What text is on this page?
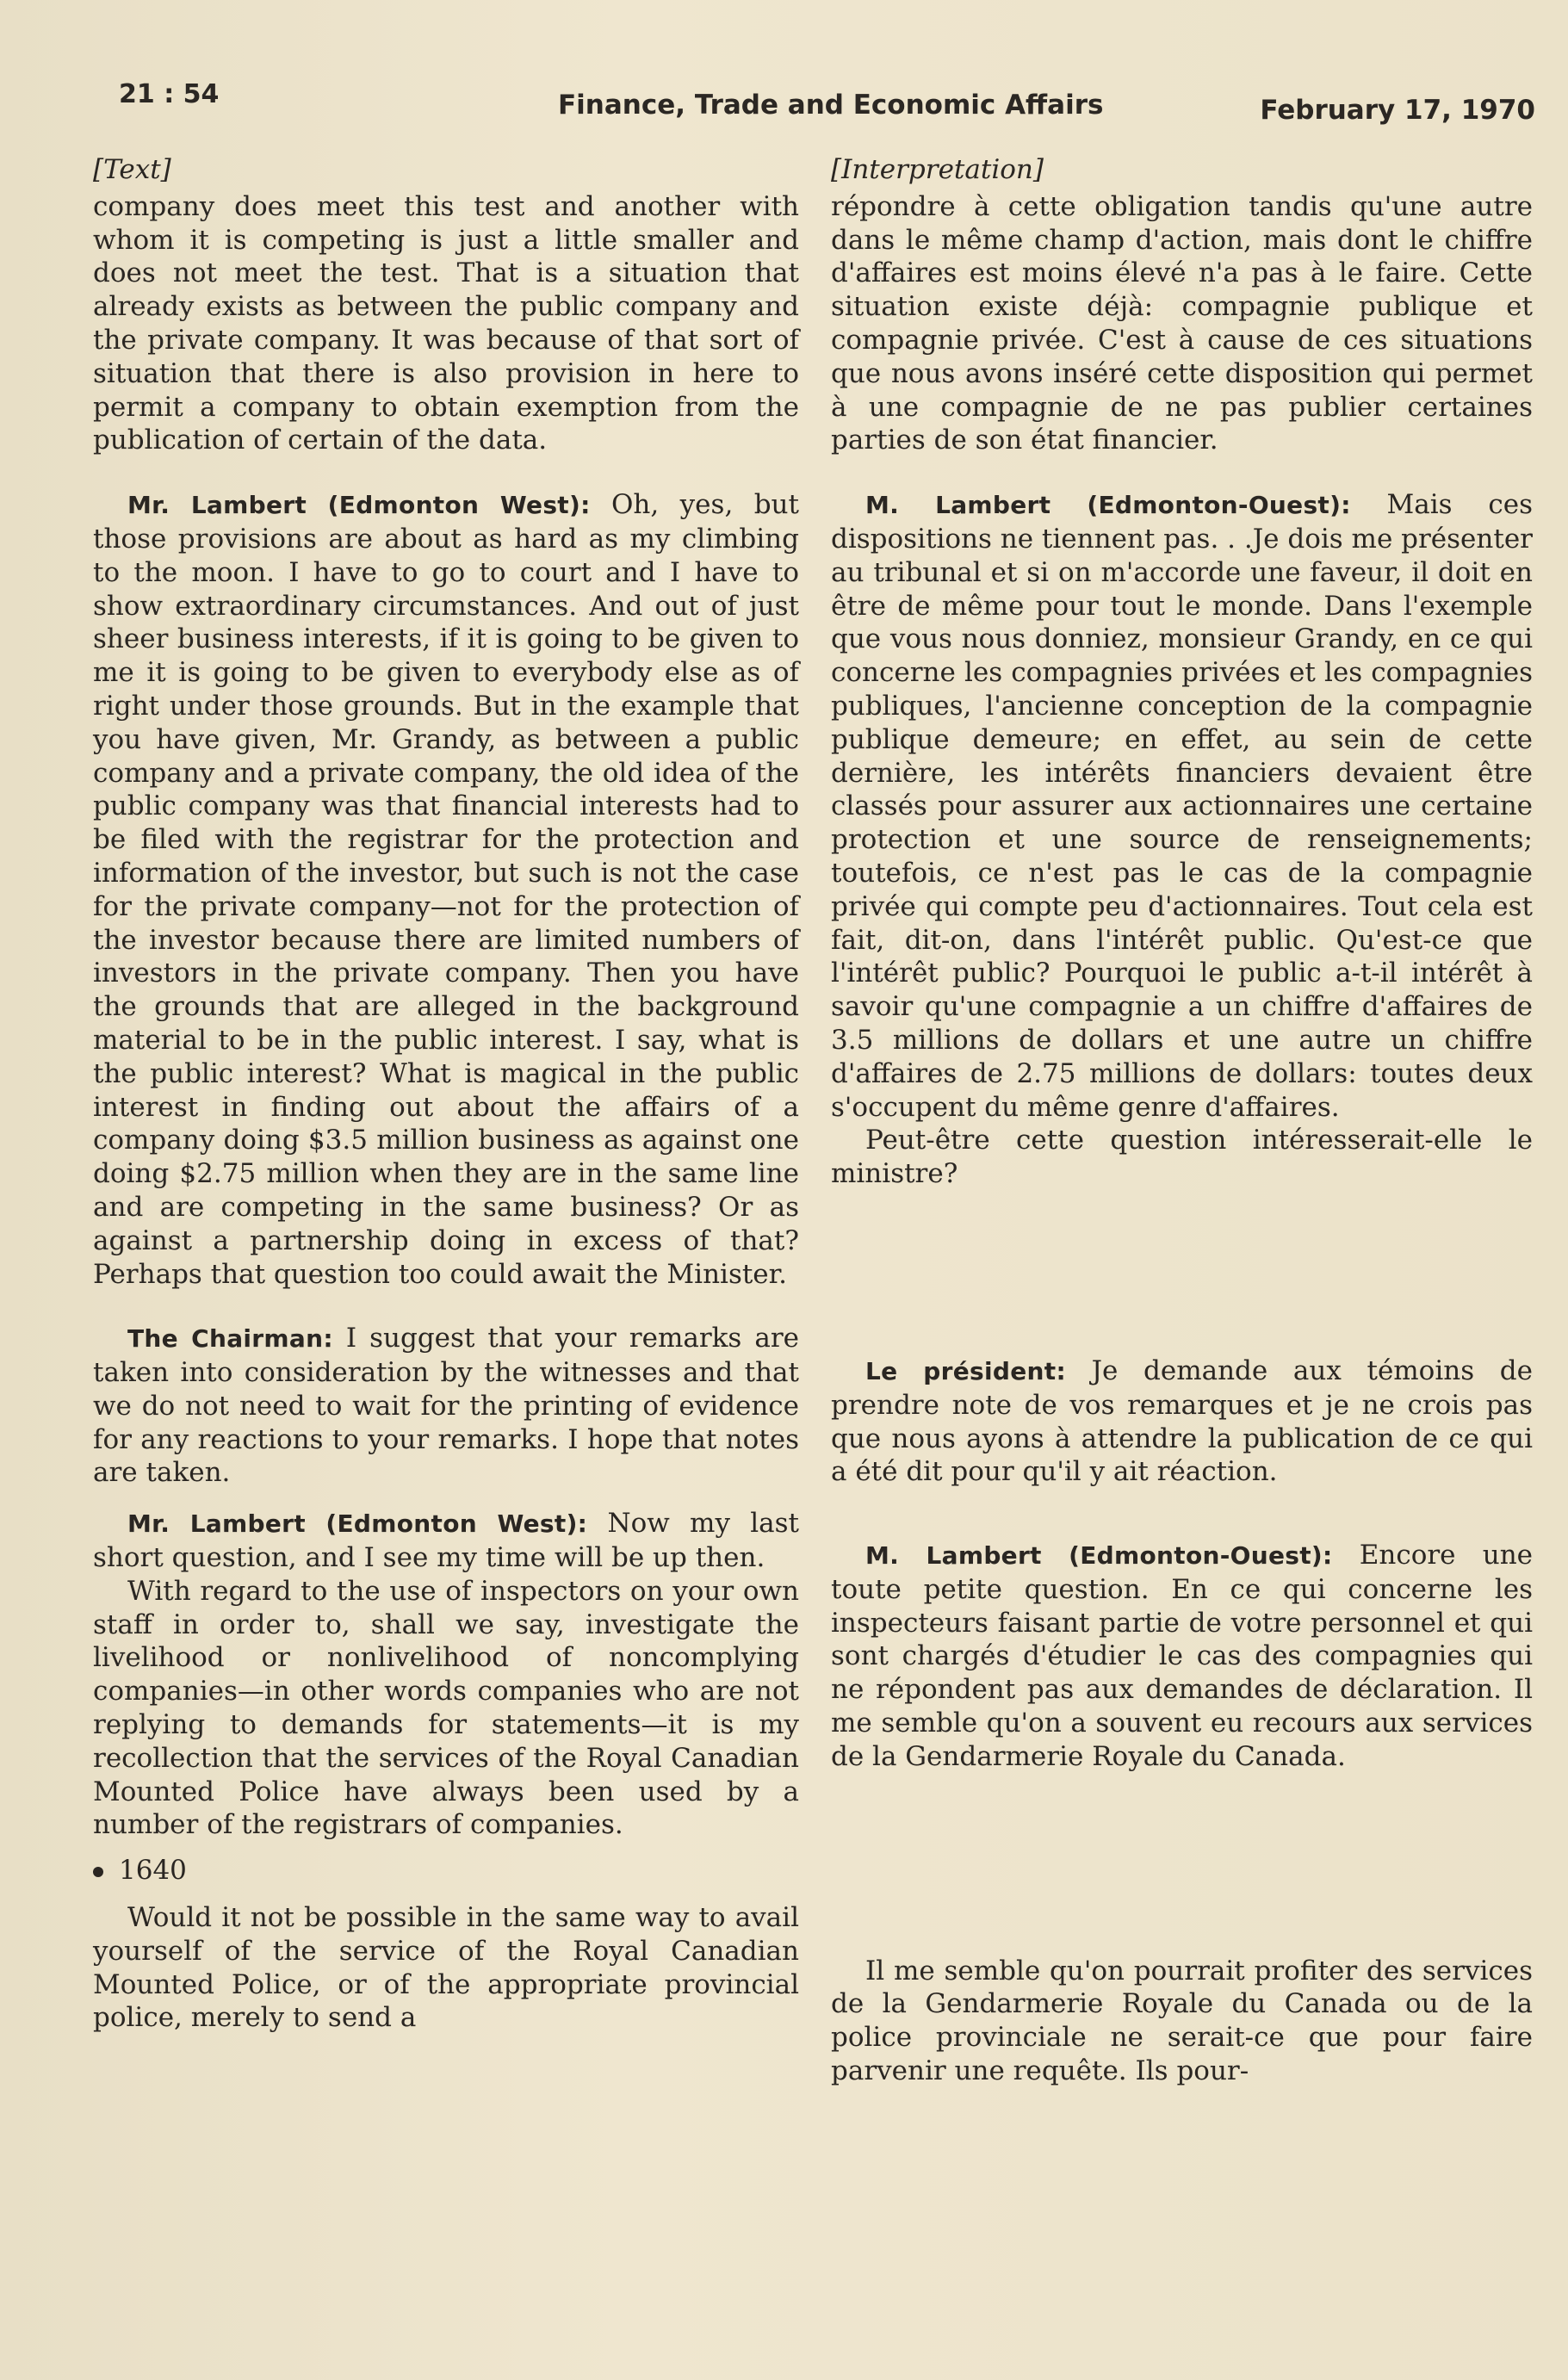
21 : 54	Finance, Trade and Economic Affairs	February 17, 1970
[Text]

company does meet this test and another with whom it is competing is just a little smaller and does not meet the test. That is a situation that already exists as between the public company and the private company. It was because of that sort of situation that there is also provision in here to permit a company to obtain exemption from the publication of certain of the data.

Mr. Lambert (Edmonton West): Oh, yes, but those provisions are about as hard as my climbing to the moon. I have to go to court and I have to show extraordinary circumstances. And out of just sheer business interests, if it is going to be given to me it is going to be given to everybody else as of right under those grounds. But in the example that you have given, Mr. Grandy, as between a public company and a private company, the old idea of the public company was that financial interests had to be filed with the registrar for the protection and information of the investor, but such is not the case for the private company—not for the protection of the investor because there are limited numbers of investors in the private company. Then you have the grounds that are alleged in the background material to be in the public interest. I say, what is the public interest? What is magical in the public interest in finding out about the affairs of a company doing $3.5 million business as against one doing $2.75 million when they are in the same line and are competing in the same business? Or as against a partnership doing in excess of that? Perhaps that question too could await the Minister.

The Chairman: I suggest that your remarks are taken into consideration by the witnesses and that we do not need to wait for the printing of evidence for any reactions to your remarks. I hope that notes are taken.

Mr. Lambert (Edmonton West): Now my last short question, and I see my time will be up then.

With regard to the use of inspectors on your own staff in order to, shall we say, investigate the livelihood or nonlivelihood of noncomplying companies—in other words companies who are not replying to demands for statements—it is my recollection that the services of the Royal Canadian Mounted Police have always been used by a number of the registrars of companies.

1640

Would it not be possible in the same way to avail yourself of the service of the Royal Canadian Mounted Police, or of the appropriate provincial police, merely to send a

[Interpretation]

répondre à cette obligation tandis qu'une autre dans le même champ d'action, mais dont le chiffre d'affaires est moins élevé n'a pas à le faire. Cette situation existe déjà: compagnie publique et compagnie privée. C'est à cause de ces situations que nous avons inséré cette disposition qui permet à une compagnie de ne pas publier certaines parties de son état financier.

M. Lambert (Edmonton-Ouest): Mais ces dispositions ne tiennent pas. . .Je dois me présenter au tribunal et si on m'accorde une faveur, il doit en être de même pour tout le monde. Dans l'exemple que vous nous donniez, monsieur Grandy, en ce qui concerne les compagnies privées et les compagnies publiques, l'ancienne conception de la compagnie publique demeure; en effet, au sein de cette dernière, les intérêts financiers devaient être classés pour assurer aux actionnaires une certaine protection et une source de renseignements; toutefois, ce n'est pas le cas de la compagnie privée qui compte peu d'actionnaires. Tout cela est fait, dit-on, dans l'intérêt public. Qu'est-ce que l'intérêt public? Pourquoi le public a-t-il intérêt à savoir qu'une compagnie a un chiffre d'affaires de 3.5 millions de dollars et une autre un chiffre d'affaires de 2.75 millions de dollars: toutes deux s'occupent du même genre d'affaires.

Peut-être cette question intéresserait-elle le ministre?

Le président: Je demande aux témoins de prendre note de vos remarques et je ne crois pas que nous ayons à attendre la publication de ce qui a été dit pour qu'il y ait réaction.

M. Lambert (Edmonton-Ouest): Encore une toute petite question. En ce qui concerne les inspecteurs faisant partie de votre personnel et qui sont chargés d'étudier le cas des compagnies qui ne répondent pas aux demandes de déclaration. Il me semble qu'on a souvent eu recours aux services de la Gendarmerie Royale du Canada.

Il me semble qu'on pourrait profiter des services de la Gendarmerie Royale du Canada ou de la police provinciale ne serait-ce que pour faire parvenir une requête. Ils pour-
